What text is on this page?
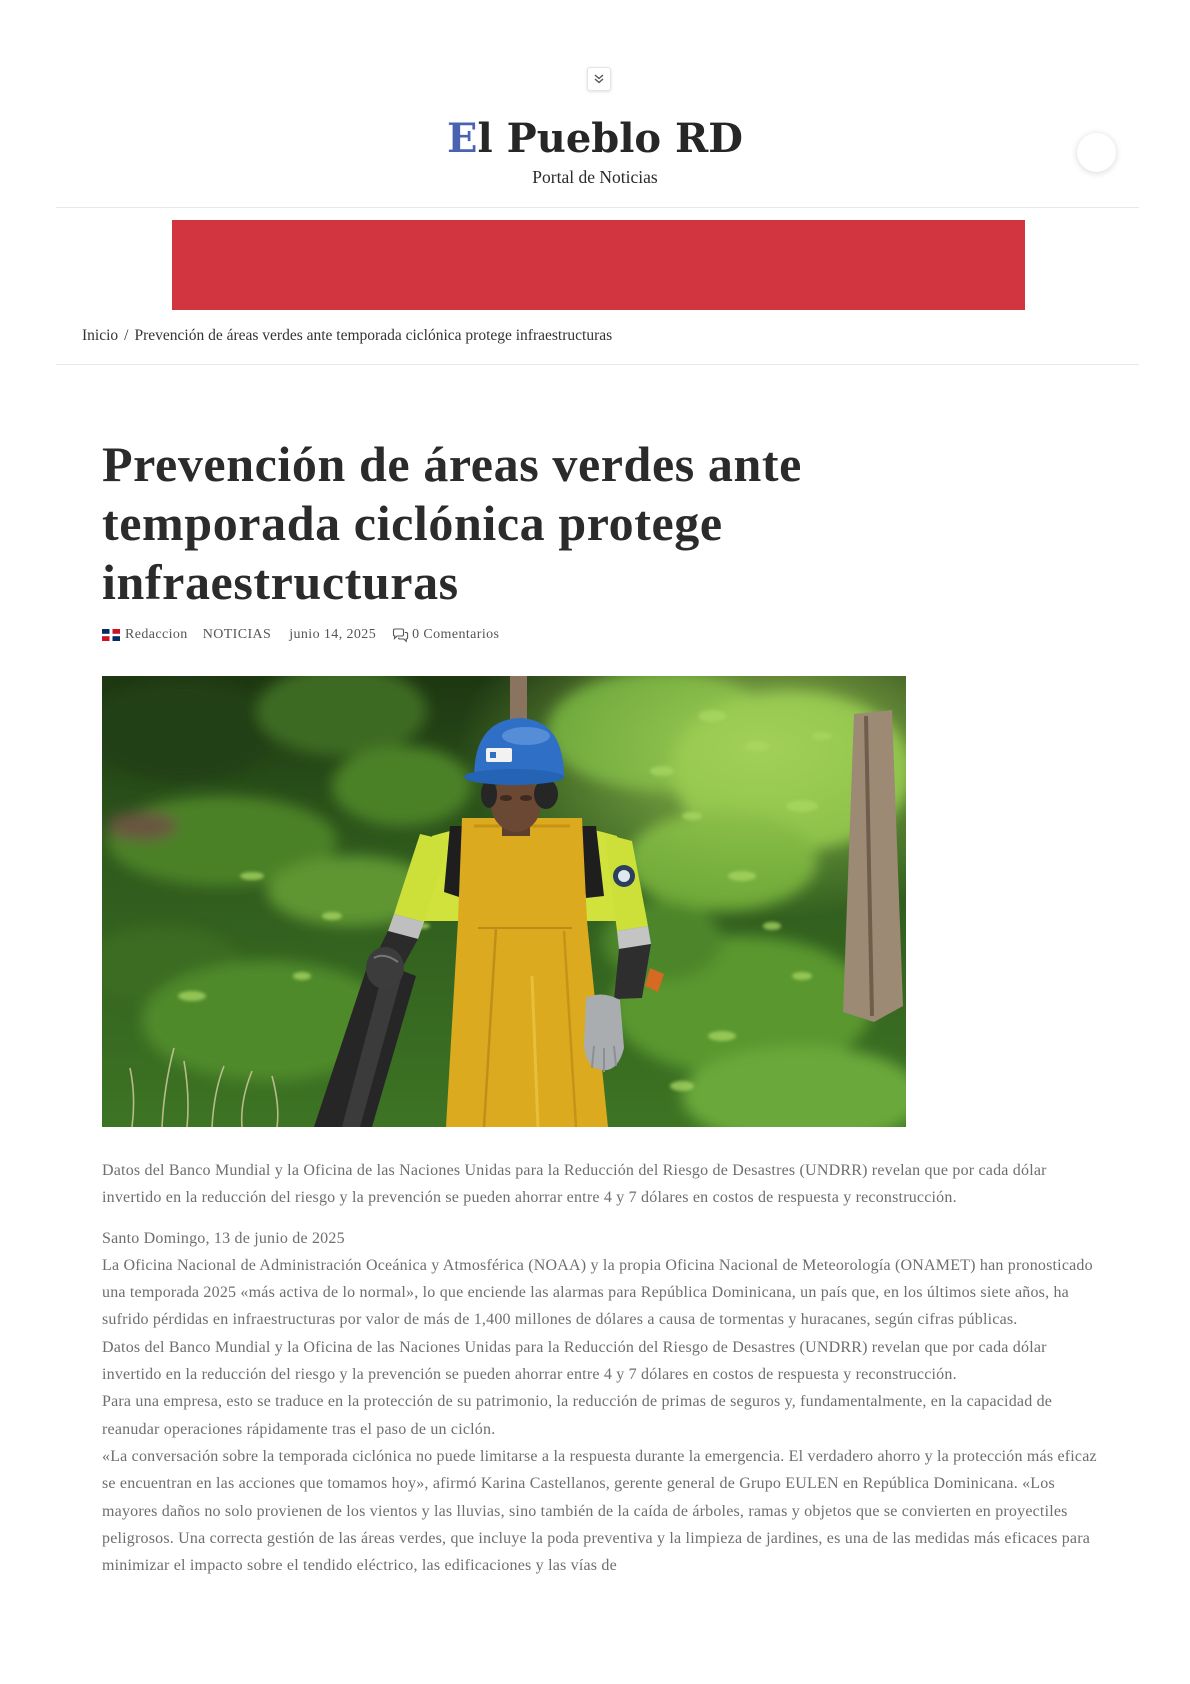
El Pueblo RD
Portal de Noticias
Inicio / Prevención de áreas verdes ante temporada ciclónica protege infraestructuras
Prevención de áreas verdes ante temporada ciclónica protege infraestructuras
Redaccion NOTICIAS junio 14, 2025	0 Comentarios

Datos del Banco Mundial y la Oficina de las Naciones Unidas para la Reducción del Riesgo de Desastres (UNDRR) revelan que por cada dólar invertido en la reducción del riesgo y la prevención se pueden ahorrar entre 4 y 7 dólares en costos de respuesta y reconstrucción.

Santo Domingo, 13 de junio de 2025

La Oficina Nacional de Administración Oceánica y Atmosférica (NOAA) y la propia Oficina Nacional de Meteorología (ONAMET) han pronosticado una temporada 2025 «más activa de lo normal», lo que enciende las alarmas para República Dominicana, un país que, en los últimos siete años, ha sufrido pérdidas en infraestructuras por valor de más de 1,400 millones de dólares a causa de tormentas y huracanes, según cifras públicas.

Datos del Banco Mundial y la Oficina de las Naciones Unidas para la Reducción del Riesgo de Desastres (UNDRR) revelan que por cada dólar invertido en la reducción del riesgo y la prevención se pueden ahorrar entre 4 y 7 dólares en costos de respuesta y reconstrucción.

Para una empresa, esto se traduce en la protección de su patrimonio, la reducción de primas de seguros y, fundamentalmente, en la capacidad de reanudar operaciones rápidamente tras el paso de un ciclón.

«La conversación sobre la temporada ciclónica no puede limitarse a la respuesta durante la emergencia. El verdadero ahorro y la protección más eficaz se encuentran en las acciones que tomamos hoy», afirmó Karina Castellanos, gerente general de Grupo EULEN en República Dominicana. «Los mayores daños no solo provienen de los vientos y las lluvias, sino también de la caída de árboles, ramas y objetos que se convierten en proyectiles peligrosos. Una correcta gestión de las áreas verdes, que incluye la poda preventiva y la limpieza de jardines, es una de las medidas más eficaces para minimizar el impacto sobre el tendido eléctrico, las edificaciones y las vías de
